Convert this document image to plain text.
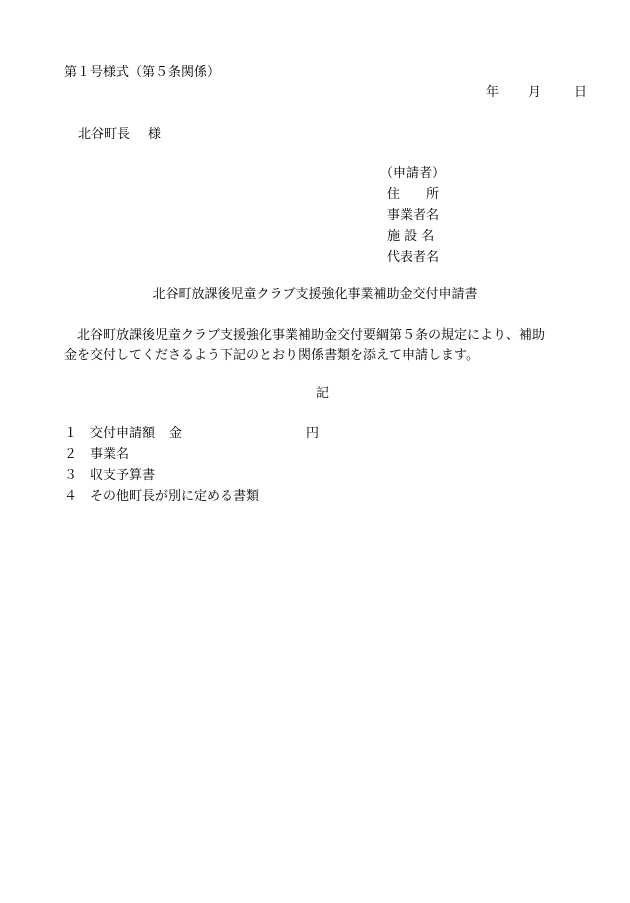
第１号様式（第５条関係）
年 月	日
北谷町長 様
（申請者）
住　　所
事業者名
施 設 名
代表者名
北谷町放課後児童クラブ支援強化事業補助金交付申請書
北谷町放課後児童クラブ支援強化事業補助金交付要綱第５条の規定により、補助
金を交付してくださるよう下記のとおり関係書類を添えて申請します。
記
１ 交付申請額 金	円
２ 事業名
３ 収支予算書
４ その他町長が別に定める書類
